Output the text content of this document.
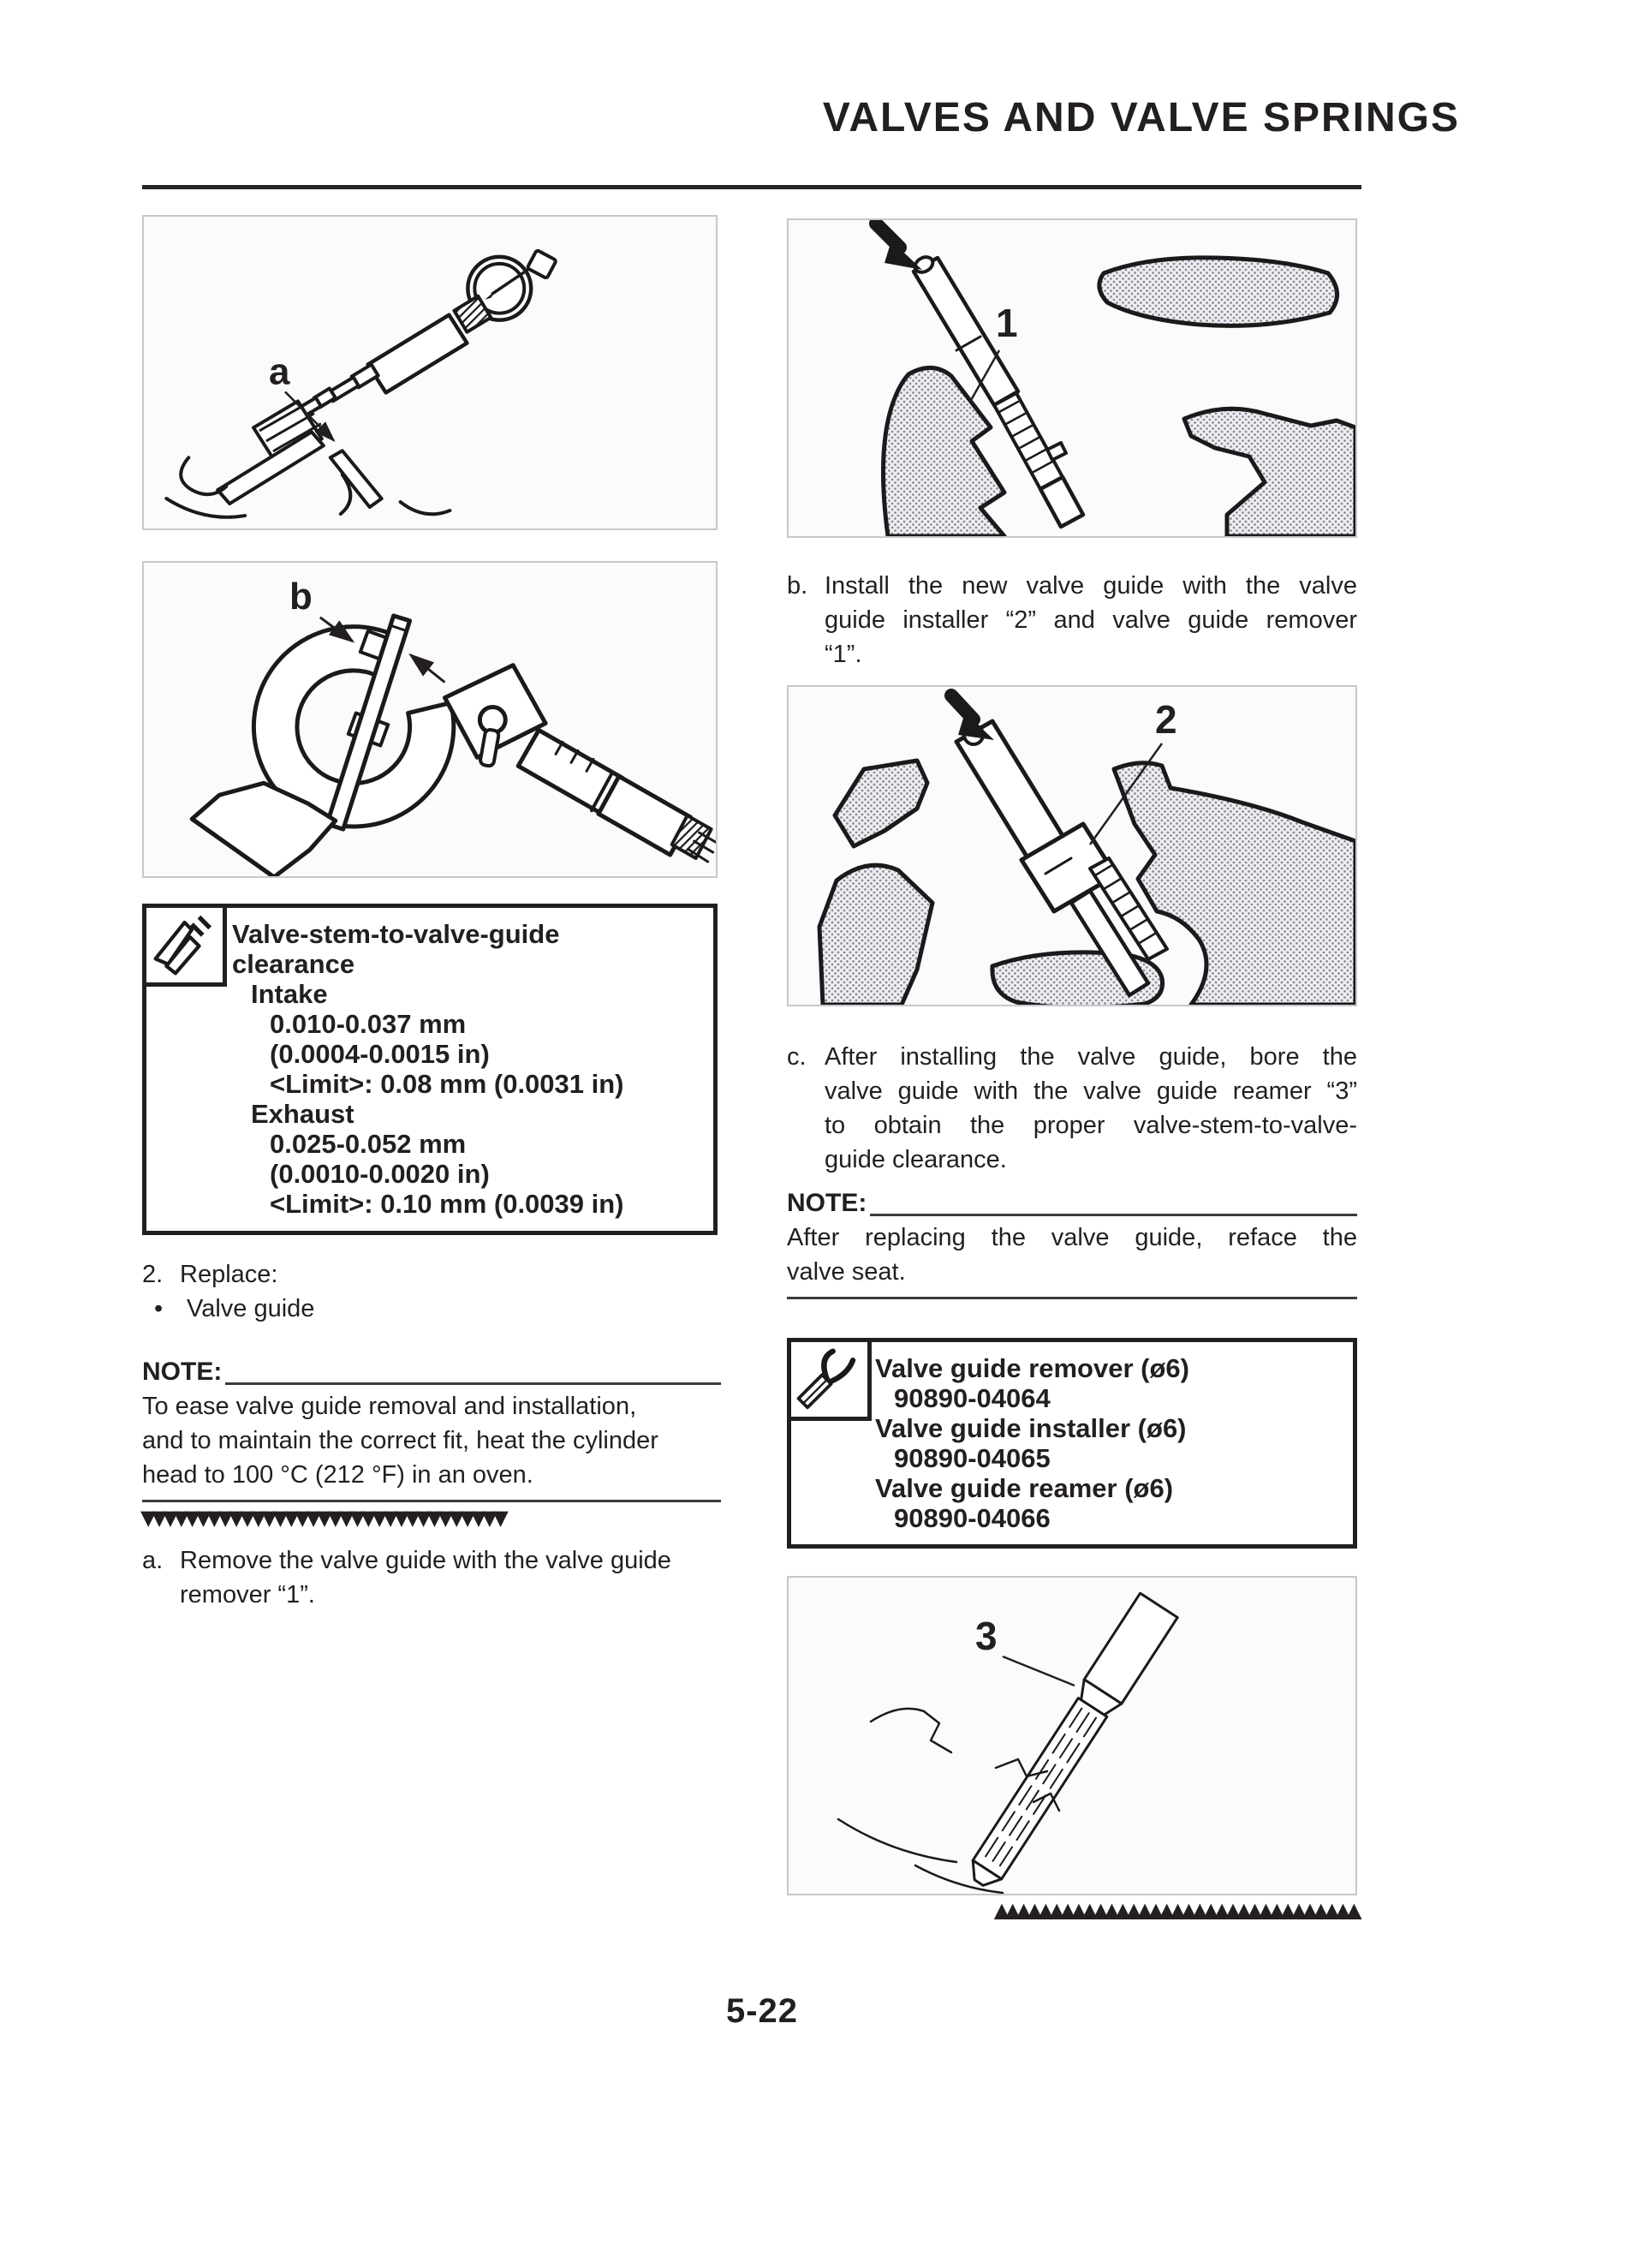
VALVES AND VALVE SPRINGS
a
b
Valve-stem-to-valve-guide
clearance
Intake
0.010-0.037 mm
(0.0004-0.0015 in)
<Limit>: 0.08 mm (0.0031 in)
Exhaust
0.025-0.052 mm
(0.0010-0.0020 in)
<Limit>: 0.10 mm (0.0039 in)
2. Replace:
• Valve guide
NOTE:
To ease valve guide removal and installation,
and to maintain the correct fit, heat the cylinder
head to 100 °C (212 °F) in an oven.
▼▼▼▼▼▼▼▼▼▼▼▼▼▼▼▼▼▼▼▼▼▼▼▼▼▼▼▼▼▼▼▼▼
a. Remove the valve guide with the valve guide
remover “1”.
1
b. Install the new valve guide with the valve
guide installer “2” and valve guide remover
“1”.
2
c. After installing the valve guide, bore the
valve guide with the valve guide reamer “3”
to obtain the proper valve-stem-to-valve-
guide clearance.
NOTE:
After replacing the valve guide, reface the
valve seat.
Valve guide remover (ø6)
90890-04064
Valve guide installer (ø6)
90890-04065
Valve guide reamer (ø6)
90890-04066
3
▲▲▲▲▲▲▲▲▲▲▲▲▲▲▲▲▲▲▲▲▲▲▲▲▲▲▲▲▲▲▲▲▲
5-22
